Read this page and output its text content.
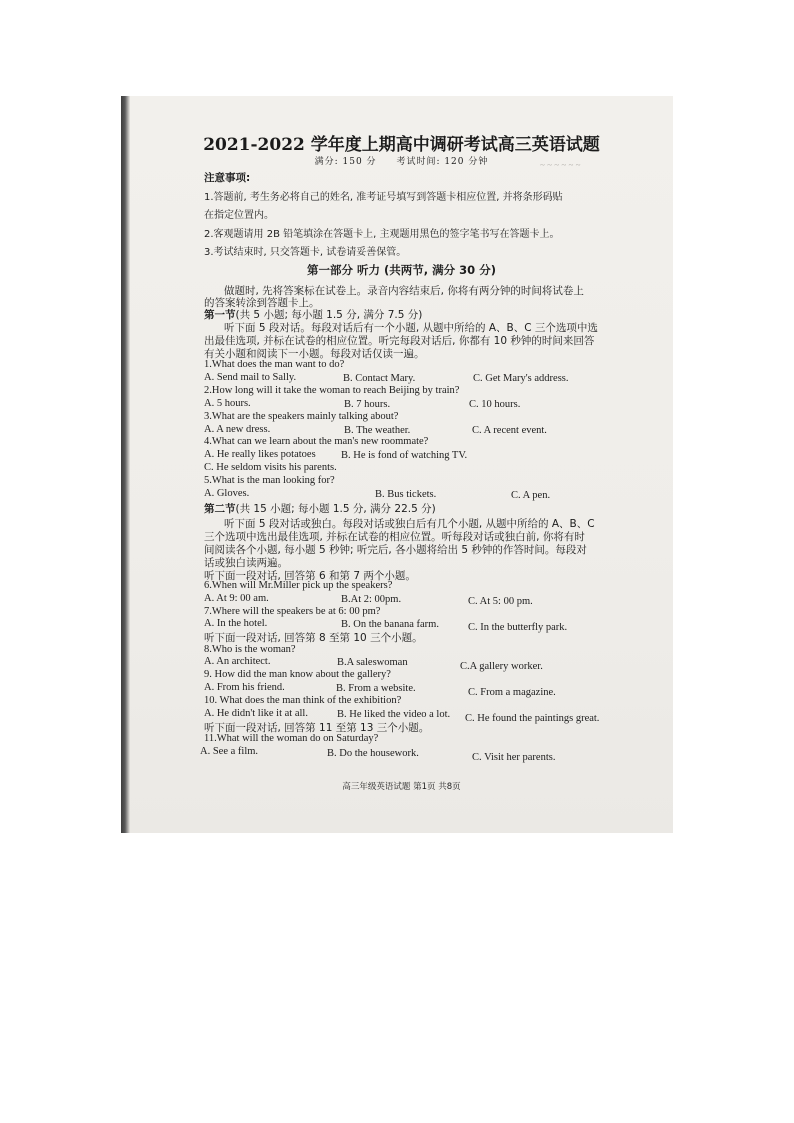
~ ~ ~ ~ ~ ~
2021-2022 学年度上期高中调研考试高三英语试题
满分: 150 分 考试时间: 120 分钟
注意事项:
1.答题前, 考生务必将自己的姓名, 准考证号填写到答题卡相应位置, 并将条形码贴
在指定位置内。
2.客观题请用 2B 铅笔填涂在答题卡上, 主观题用黑色的签字笔书写在答题卡上。
3.考试结束时, 只交答题卡, 试卷请妥善保管。
第一部分 听力 (共两节, 满分 30 分)
做题时, 先将答案标在试卷上。录音内容结束后, 你将有两分钟的时间将试卷上
的答案转涂到答题卡上。
第一节(共 5 小题; 每小题 1.5 分, 满分 7.5 分)
听下面 5 段对话。每段对话后有一个小题, 从题中所给的 A、B、C 三个选项中选
出最佳选项, 并标在试卷的相应位置。听完每段对话后, 你都有 10 秒钟的时间来回答
有关小题和阅读下一小题。每段对话仅读一遍。
1.What does the man want to do?
A. Send mail to Sally.	B. Contact Mary.	C. Get Mary's address.
2.How long will it take the woman to reach Beijing by train?
A. 5 hours.	B. 7 hours.	C. 10 hours.
3.What are the speakers mainly talking about?
A. A new dress.	B. The weather.	C. A recent event.
4.What can we learn about the man's new roommate?
A. He really likes potatoes B. He is fond of watching TV.
C. He seldom visits his parents.
5.What is the man looking for?
A. Gloves.	B. Bus tickets.	C. A pen.
第二节(共 15 小题; 每小题 1.5 分, 满分 22.5 分)
听下面 5 段对话或独白。每段对话或独白后有几个小题, 从题中所给的 A、B、C
三个选项中选出最佳选项, 并标在试卷的相应位置。听每段对话或独白前, 你将有时
间阅读各个小题, 每小题 5 秒钟; 听完后, 各小题将给出 5 秒钟的作答时间。每段对
话或独白读两遍。
听下面一段对话, 回答第 6 和第 7 两个小题。
6.When will Mr.Miller pick up the speakers?
A. At 9: 00 am.	B.At 2: 00pm.	C. At 5: 00 pm.
7.Where will the speakers be at 6: 00 pm?
A. In the hotel.	B. On the banana farm.	C. In the butterfly park.
听下面一段对话, 回答第 8 至第 10 三个小题。
8.Who is the woman?
A. An architect.	B.A saleswoman	C.A gallery worker.
9. How did the man know about the gallery?
A. From his friend.	B. From a website.	C. From a magazine.
10. What does the man think of the exhibition?
A. He didn't like it at all.	B. He liked the video a lot. C. He found the paintings great.
听下面一段对话, 回答第 11 至第 13 三个小题。
11.What will the woman do on Saturday?
A. See a film.	B. Do the housework.	C. Visit her parents.
高三年级英语试题 第1页 共8页
